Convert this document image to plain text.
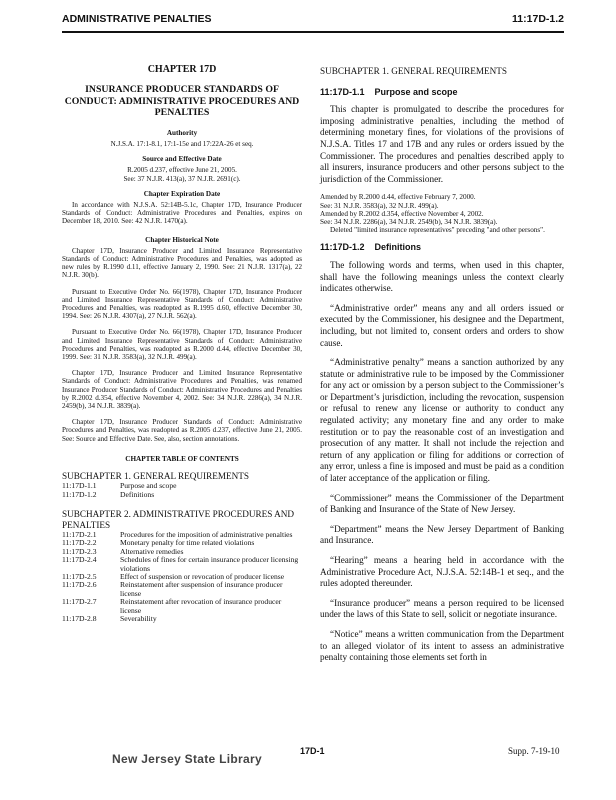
ADMINISTRATIVE PENALTIES	11:17D-1.2
CHAPTER 17D
INSURANCE PRODUCER STANDARDS OF CONDUCT: ADMINISTRATIVE PROCEDURES AND PENALTIES
Authority
N.J.S.A. 17:1-8.1, 17:1-15e and 17:22A-26 et seq.
Source and Effective Date
R.2005 d.237, effective June 21, 2005.
See: 37 N.J.R. 413(a), 37 N.J.R. 2691(c).
Chapter Expiration Date
In accordance with N.J.S.A. 52:14B-5.1c, Chapter 17D, Insurance Producer Standards of Conduct: Administrative Procedures and Penalties, expires on December 18, 2010. See: 42 N.J.R. 1470(a).
Chapter Historical Note
Chapter 17D, Insurance Producer and Limited Insurance Representative Standards of Conduct: Administrative Procedures and Penalties, was adopted as new rules by R.1990 d.11, effective January 2, 1990. See: 21 N.J.R. 1317(a), 22 N.J.R. 30(b).
Pursuant to Executive Order No. 66(1978), Chapter 17D, Insurance Producer and Limited Insurance Representative Standards of Conduct: Administrative Procedures and Penalties, was readopted as R.1995 d.60, effective December 30, 1994. See: 26 N.J.R. 4307(a), 27 N.J.R. 562(a).
Pursuant to Executive Order No. 66(1978), Chapter 17D, Insurance Producer and Limited Insurance Representative Standards of Conduct: Administrative Procedures and Penalties, was readopted as R.2000 d.44, effective December 30, 1999. See: 31 N.J.R. 3583(a), 32 N.J.R. 499(a).
Chapter 17D, Insurance Producer and Limited Insurance Representative Standards of Conduct: Administrative Procedures and Penalties, was renamed Insurance Producer Standards of Conduct: Administrative Procedures and Penalties by R.2002 d.354, effective November 4, 2002. See: 34 N.J.R. 2286(a), 34 N.J.R. 2459(b), 34 N.J.R. 3839(a).
Chapter 17D, Insurance Producer Standards of Conduct: Administrative Procedures and Penalties, was readopted as R.2005 d.237, effective June 21, 2005. See: Source and Effective Date. See, also, section annotations.
CHAPTER TABLE OF CONTENTS
SUBCHAPTER 1. GENERAL REQUIREMENTS
11:17D-1.1	Purpose and scope
11:17D-1.2	Definitions
SUBCHAPTER 2. ADMINISTRATIVE PROCEDURES AND PENALTIES
11:17D-2.1	Procedures for the imposition of administrative penalties
11:17D-2.2	Monetary penalty for time related violations
11:17D-2.3	Alternative remedies
11:17D-2.4	Schedules of fines for certain insurance producer licensing violations
11:17D-2.5	Effect of suspension or revocation of producer license
11:17D-2.6	Reinstatement after suspension of insurance producer license
11:17D-2.7	Reinstatement after revocation of insurance producer license
11:17D-2.8	Severability
SUBCHAPTER 1. GENERAL REQUIREMENTS
11:17D-1.1 Purpose and scope
This chapter is promulgated to describe the procedures for imposing administrative penalties, including the method of determining monetary fines, for violations of the provisions of N.J.S.A. Titles 17 and 17B and any rules or orders issued by the Commissioner. The procedures and penalties described apply to all insurers, insurance producers and other persons subject to the jurisdiction of the Commissioner.
Amended by R.2000 d.44, effective February 7, 2000.
See: 31 N.J.R. 3583(a), 32 N.J.R. 499(a).
Amended by R.2002 d.354, effective November 4, 2002.
See: 34 N.J.R. 2286(a), 34 N.J.R. 2549(b), 34 N.J.R. 3839(a).
Deleted "limited insurance representatives" preceding "and other persons".
11:17D-1.2 Definitions
The following words and terms, when used in this chapter, shall have the following meanings unless the context clearly indicates otherwise.
“Administrative order” means any and all orders issued or executed by the Commissioner, his designee and the Department, including, but not limited to, consent orders and orders to show cause.
“Administrative penalty” means a sanction authorized by any statute or administrative rule to be imposed by the Commissioner for any act or omission by a person subject to the Commissioner’s or Department’s jurisdiction, including the revocation, suspension or refusal to renew any license or authority to conduct any regulated activity; any monetary fine and any order to make restitution or to pay the reasonable cost of an investigation and prosecution of any matter. It shall not include the rejection and return of any application or filing for additions or correction of any error, unless a fine is imposed and must be paid as a condition of later acceptance of the application or filing.
“Commissioner” means the Commissioner of the Department of Banking and Insurance of the State of New Jersey.
“Department” means the New Jersey Department of Banking and Insurance.
“Hearing” means a hearing held in accordance with the Administrative Procedure Act, N.J.S.A. 52:14B-1 et seq., and the rules adopted thereunder.
“Insurance producer” means a person required to be licensed under the laws of this State to sell, solicit or negotiate insurance.
“Notice” means a written communication from the Department to an alleged violator of its intent to assess an administrative penalty containing those elements set forth in
New Jersey State Library
17D-1	Supp. 7-19-10
